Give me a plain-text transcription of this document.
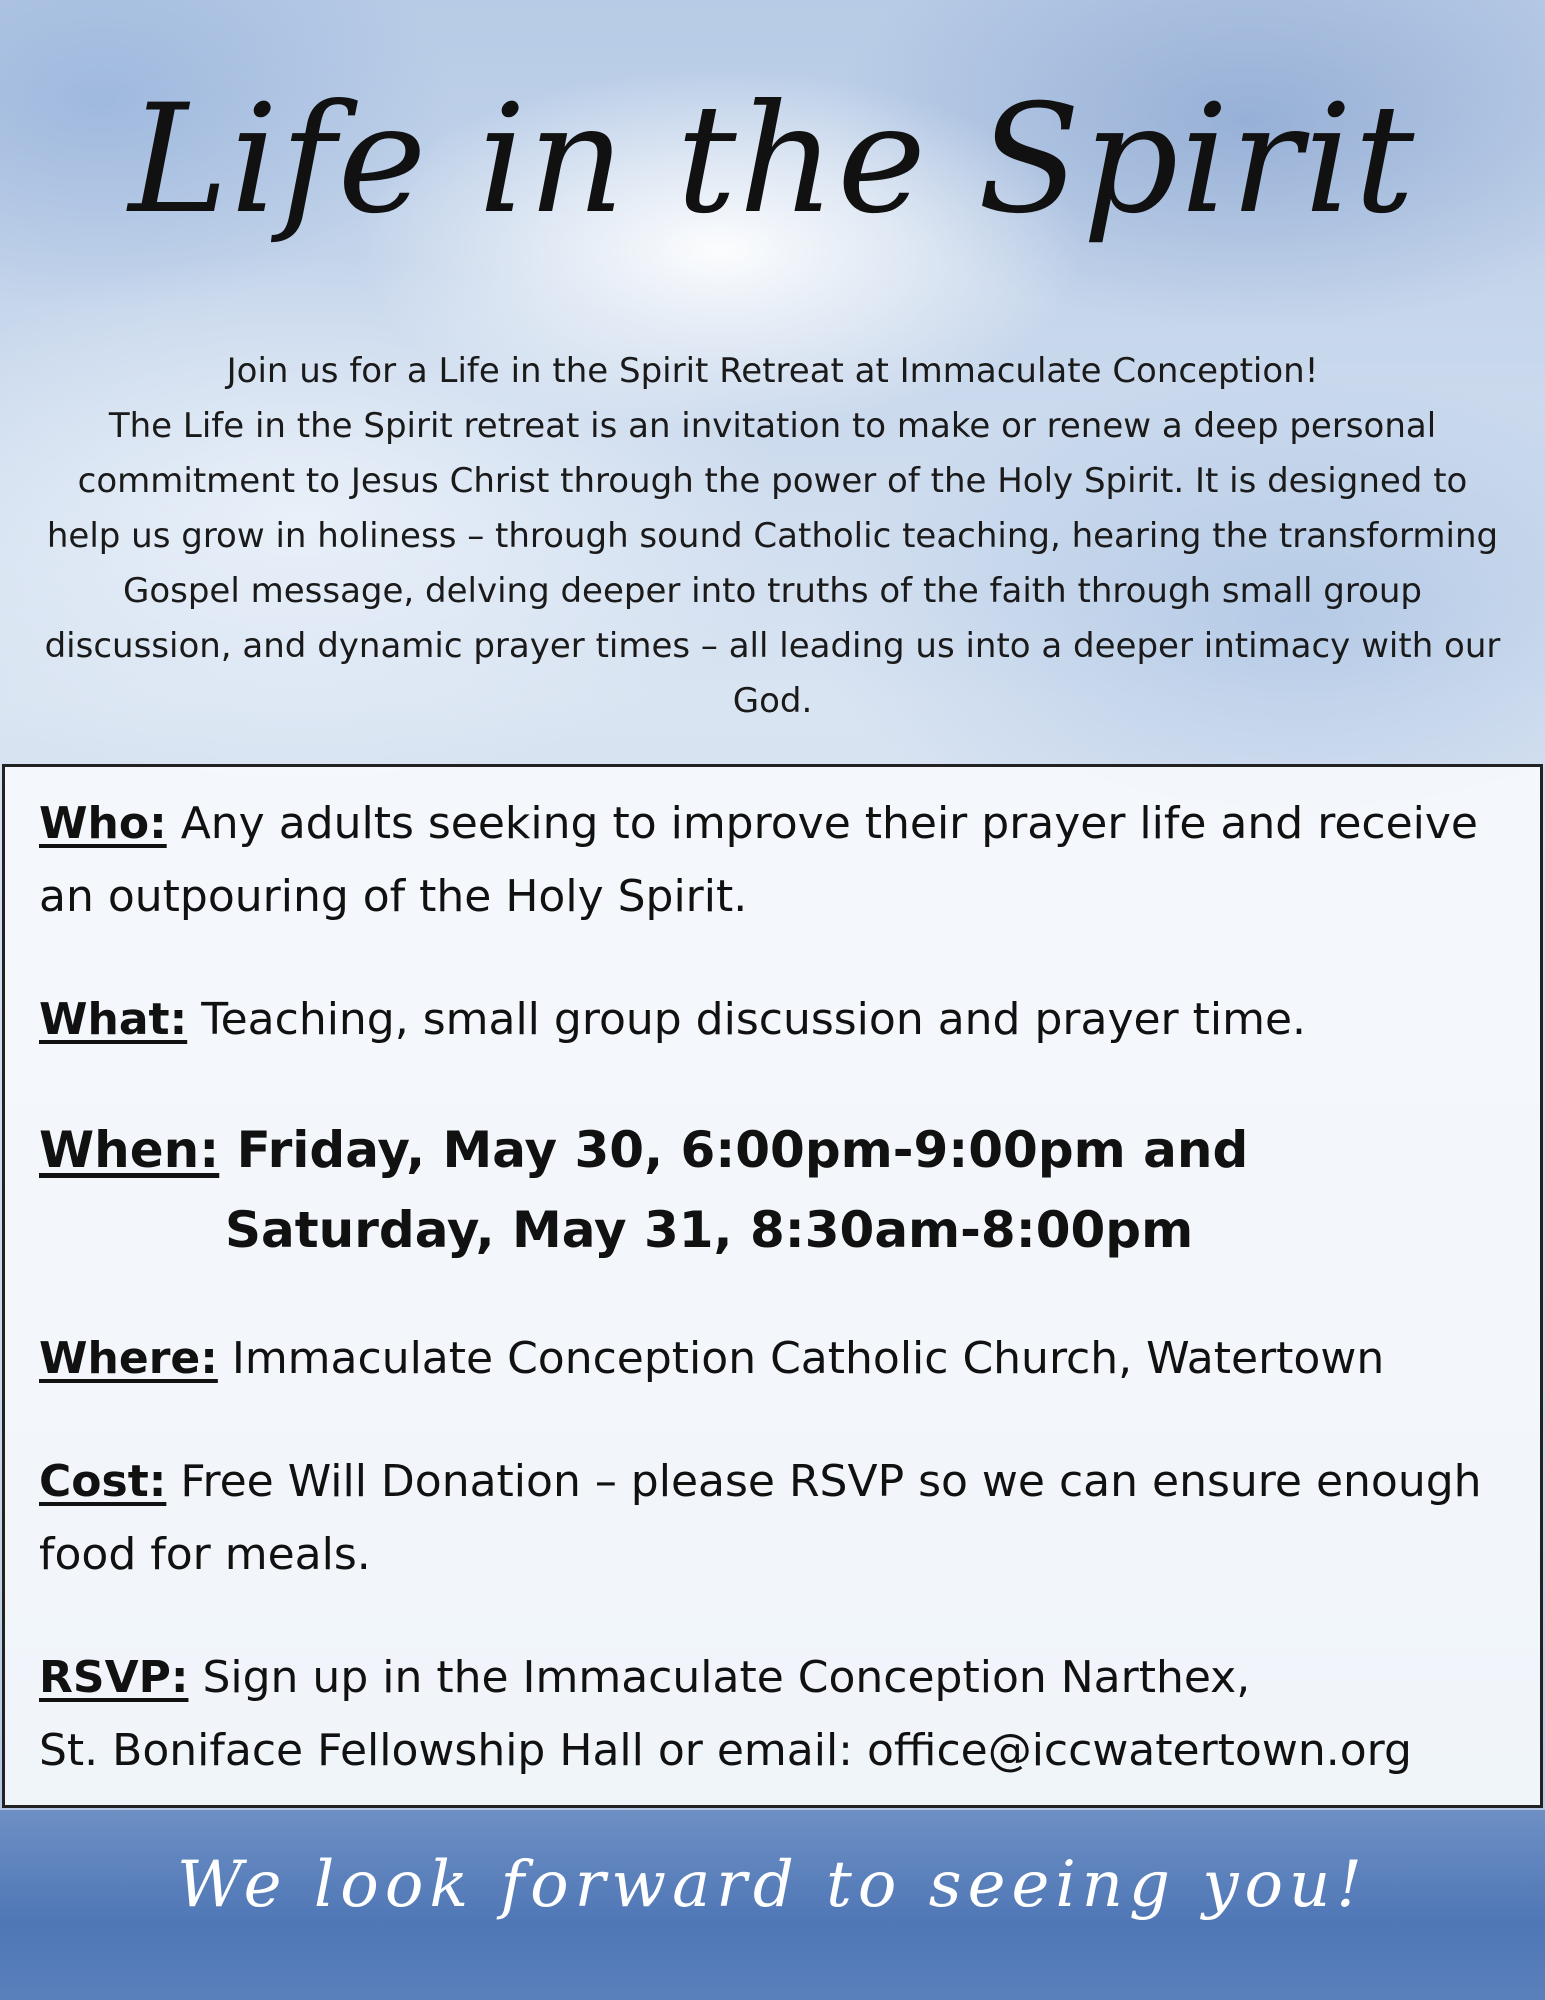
Life in the Spirit

Join us for a Life in the Spirit Retreat at Immaculate Conception!

The Life in the Spirit retreat is an invitation to make or renew a deep personal commitment to Jesus Christ through the power of the Holy Spirit. It is designed to help us grow in holiness – through sound Catholic teaching, hearing the transforming Gospel message, delving deeper into truths of the faith through small group discussion, and dynamic prayer times – all leading us into a deeper intimacy with our God.

Who: Any adults seeking to improve their prayer life and receive an outpouring of the Holy Spirit.

What: Teaching, small group discussion and prayer time.

When: Friday, May 30, 6:00pm-9:00pm and
Saturday, May 31, 8:30am-8:00pm

Where: Immaculate Conception Catholic Church, Watertown

Cost: Free Will Donation – please RSVP so we can ensure enough food for meals.

RSVP: Sign up in the Immaculate Conception Narthex,
St. Boniface Fellowship Hall or email: office@iccwatertown.org

We look forward to seeing you!
